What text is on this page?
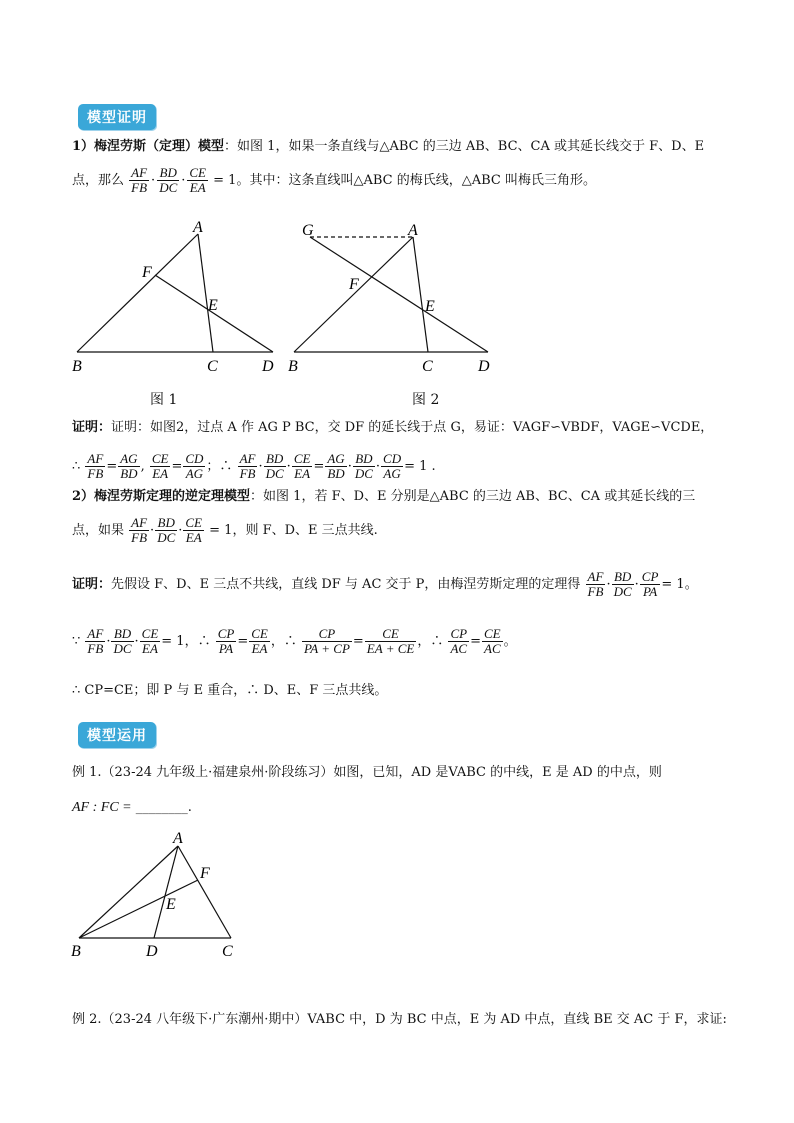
模型证明
1）梅涅劳斯（定理）模型：如图 1，如果一条直线与△ABC 的三边 AB、BC、CA 或其延长线交于 F、D、E
点，那么 $\frac{AF}{FB} \cdot \frac{BD}{DC} \cdot \frac{CE}{EA} = 1$。其中：这条直线叫△ABC 的梅氏线，△ABC 叫梅氏三角形。
A
B	C	D
E
F
图 1
G	A
B	C	D
E
F
图 2
证明：证明：如图2，过点 A 作 AG P BC，交 DF 的延长线于点 G，易证：VAGF∽VBDF，VAGE∽VCDE，
∴ $\frac{AF}{FB} = \frac{AG}{BD}$ , $\frac{CE}{EA} = \frac{CD}{AG}$ ；∴ $\frac{AF}{FB} \cdot \frac{BD}{DC} \cdot \frac{CE}{EA} = \frac{AG}{BD} \cdot \frac{BD}{DC} \cdot \frac{CD}{AG} = 1$ .
2）梅涅劳斯定理的逆定理模型：如图 1，若 F、D、E 分别是△ABC 的三边 AB、BC、CA 或其延长线的三
点，如果 $\frac{AF}{FB} \cdot \frac{BD}{DC} \cdot \frac{CE}{EA} = 1$，则 F、D、E 三点共线.
证明：先假设 F、D、E 三点不共线，直线 DF 与 AC 交于 P，由梅涅劳斯定理的定理得 $\frac{AF}{FB} \cdot \frac{BD}{DC} \cdot \frac{CP}{PA} = 1$。
∵ $\frac{AF}{FB} \cdot \frac{BD}{DC} \cdot \frac{CE}{EA} = 1$，∴ $\frac{CP}{PA} = \frac{CE}{EA}$ ，∴ $\frac{CP}{PA + CP} = \frac{CE}{EA + CE}$ ，∴ $\frac{CP}{AC} = \frac{CE}{AC}$ 。
∴ CP=CE；即 P 与 E 重合，∴ D、E、F 三点共线。
模型运用
例 1.（23-24 九年级上·福建泉州·阶段练习）如图，已知，AD 是VABC 的中线，E 是 AD 的中点，则
AF : FC = ________.
A
B	D	C
E
F
例 2.（23-24 八年级下·广东潮州·期中）VABC 中，D 为 BC 中点，E 为 AD 中点，直线 BE 交 AC 于 F，求证:
